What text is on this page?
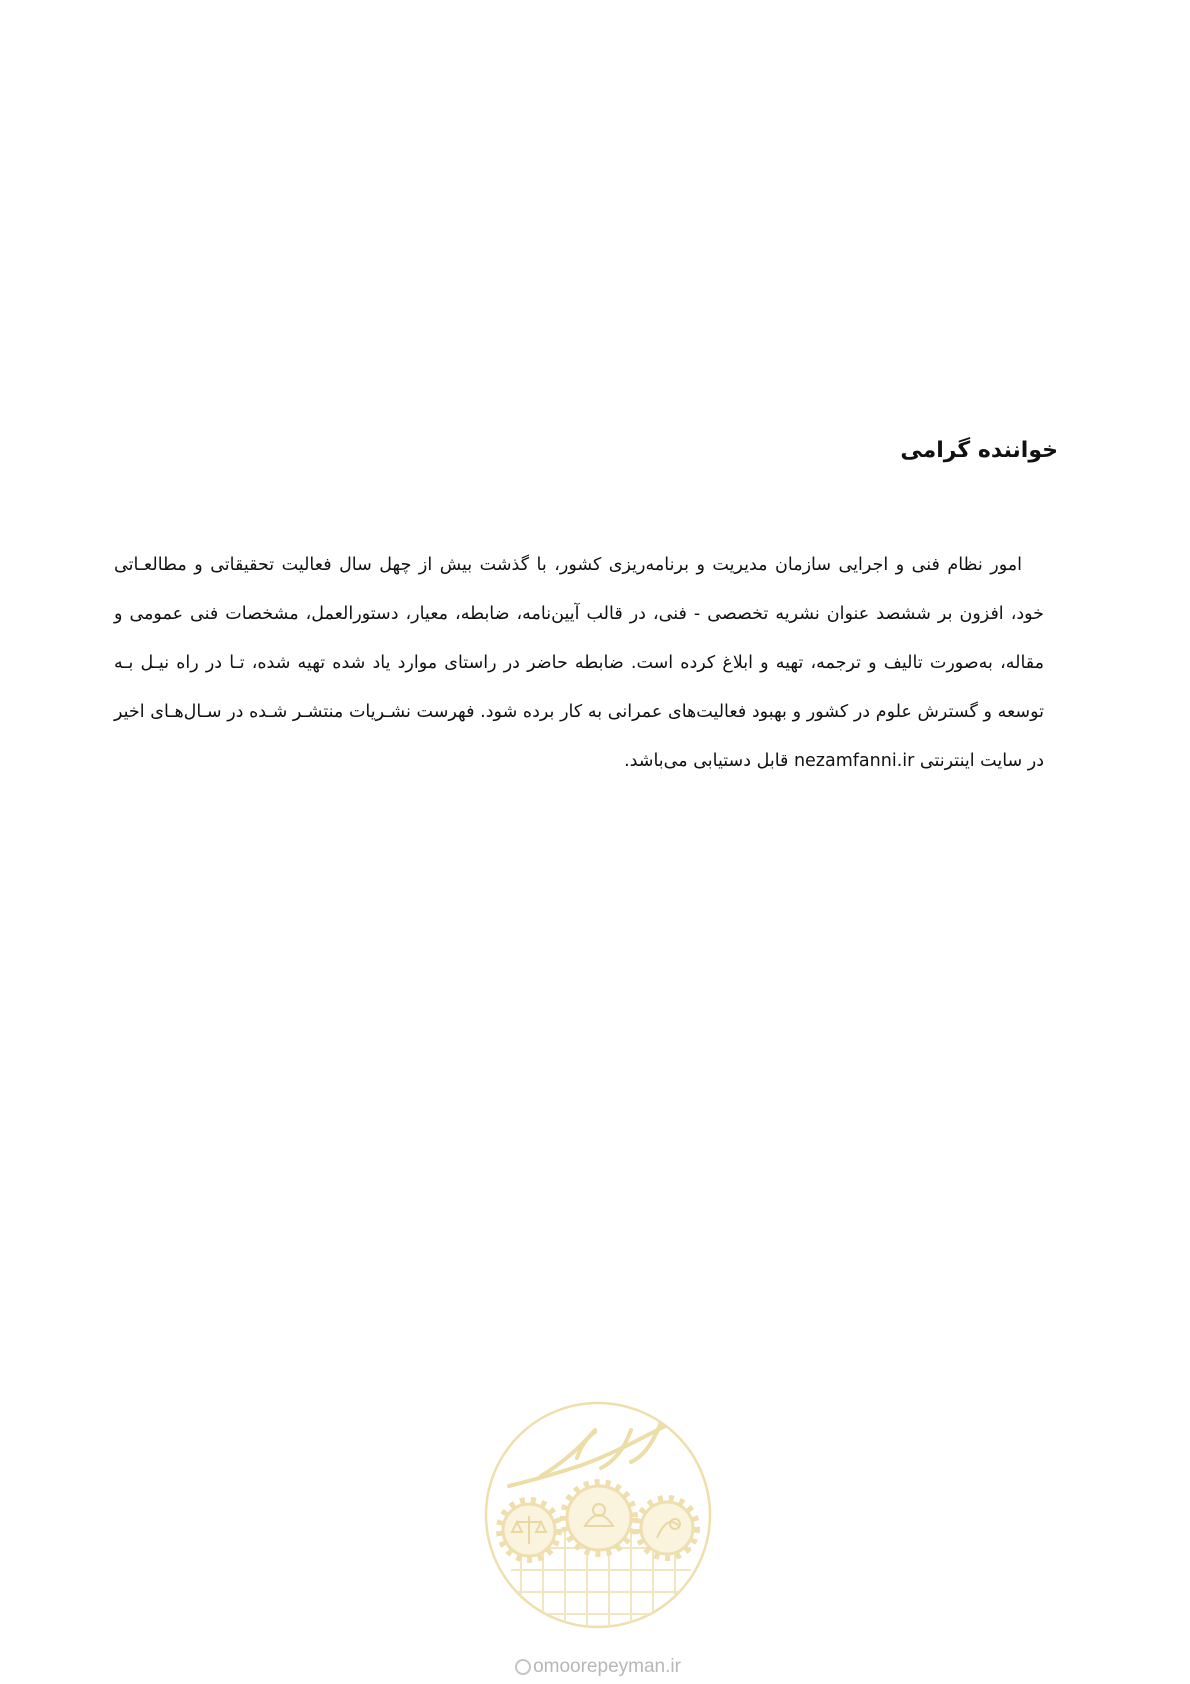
خواننده گرامی

امور نظام فنی و اجرایی سازمان مدیریت و برنامه‌ریزی کشور، با گذشت بیش از چهل سال فعالیت تحقیقاتی و مطالعـاتی خود، افزون بر ششصد عنوان نشریه تخصصی - فنی، در قالب آیین‌نامه، ضابطه، معیار، دستورالعمل، مشخصات فنی عمومی و مقاله، به‌صورت تالیف و ترجمه، تهیه و ابلاغ کرده است. ضابطه حاضر در راستای موارد یاد شده تهیه شده، تـا در راه نیـل بـه توسعه و گسترش علوم در کشور و بهبود فعالیت‌های عمرانی به کار برده شود. فهرست نشـریات منتشـر شـده در سـال‌هـای اخیر در سایت اینترنتی nezamfanni.ir قابل دستیابی می‌باشد.

omoorepeyman.ir
